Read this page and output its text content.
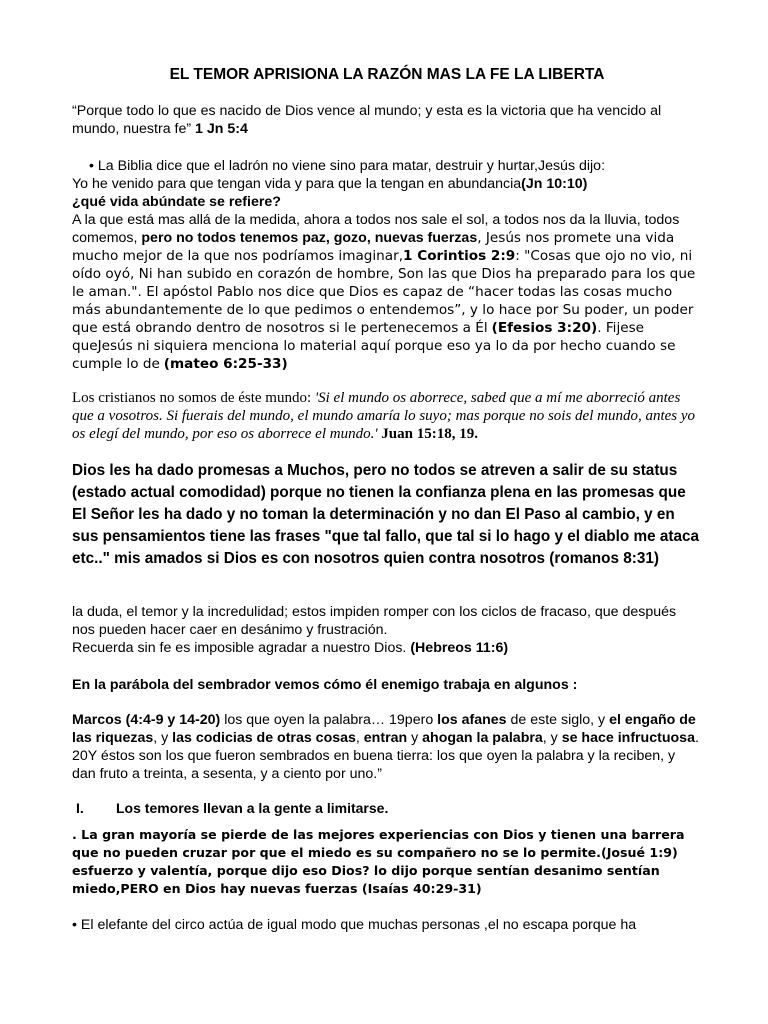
EL TEMOR APRISIONA LA RAZÓN MAS LA FE LA LIBERTA
“Porque todo lo que es nacido de Dios vence al mundo; y esta es la victoria que ha vencido al mundo, nuestra fe” 1 Jn 5:4
• La Biblia dice que el ladrón no viene sino para matar, destruir y hurtar,Jesús dijo:
Yo he venido para que tengan vida y para que la tengan en abundancia(Jn 10:10)
¿qué vida abúndate se refiere?
A la que está mas allá de la medida, ahora a todos nos sale el sol, a todos nos da la lluvia, todos comemos, pero no todos tenemos paz, gozo, nuevas fuerzas, Jesús nos promete una vida mucho mejor de la que nos podríamos imaginar,1 Corintios 2:9: "Cosas que ojo no vio, ni oído oyó, Ni han subido en corazón de hombre, Son las que Dios ha preparado para los que le aman.". El apóstol Pablo nos dice que Dios es capaz de “hacer todas las cosas mucho más abundantemente de lo que pedimos o entendemos”, y lo hace por Su poder, un poder que está obrando dentro de nosotros si le pertenecemos a Él (Efesios 3:20). Fijese queJesús ni siquiera menciona lo material aquí porque eso ya lo da por hecho cuando se cumple lo de (mateo 6:25-33)
Los cristianos no somos de éste mundo: 'Si el mundo os aborrece, sabed que a mí me aborreció antes que a vosotros. Si fuerais del mundo, el mundo amaría lo suyo; mas porque no sois del mundo, antes yo os elegí del mundo, por eso os aborrece el mundo.' Juan 15:18, 19.
Dios les ha dado promesas a Muchos, pero no todos se atreven a salir de su status (estado actual comodidad) porque no tienen la confianza plena en las promesas que El Señor les ha dado y no toman la determinación y no dan El Paso al cambio, y en sus pensamientos tiene las frases "que tal fallo, que tal si lo hago y el diablo me ataca etc.." mis amados si Dios es con nosotros quien contra nosotros (romanos 8:31)
la duda, el temor y la incredulidad; estos impiden romper con los ciclos de fracaso, que después nos pueden hacer caer en desánimo y frustración.
Recuerda sin fe es imposible agradar a nuestro Dios. (Hebreos 11:6)
En la parábola del sembrador vemos cómo él enemigo trabaja en algunos :
Marcos (4:4-9 y 14-20) los que oyen la palabra… 19pero los afanes de este siglo, y el engaño de las riquezas, y las codicias de otras cosas, entran y ahogan la palabra, y se hace infructuosa. 20Y éstos son los que fueron sembrados en buena tierra: los que oyen la palabra y la reciben, y dan fruto a treinta, a sesenta, y a ciento por uno.”
I. Los temores llevan a la gente a limitarse.
. La gran mayoría se pierde de las mejores experiencias con Dios y tienen una barrera que no pueden cruzar por que el miedo es su compañero no se lo permite.(Josué 1:9) esfuerzo y valentía, porque dijo eso Dios? lo dijo porque sentían desanimo sentían miedo,PERO en Dios hay nuevas fuerzas (Isaías 40:29-31)
• El elefante del circo actúa de igual modo que muchas personas ,el no escapa porque ha
